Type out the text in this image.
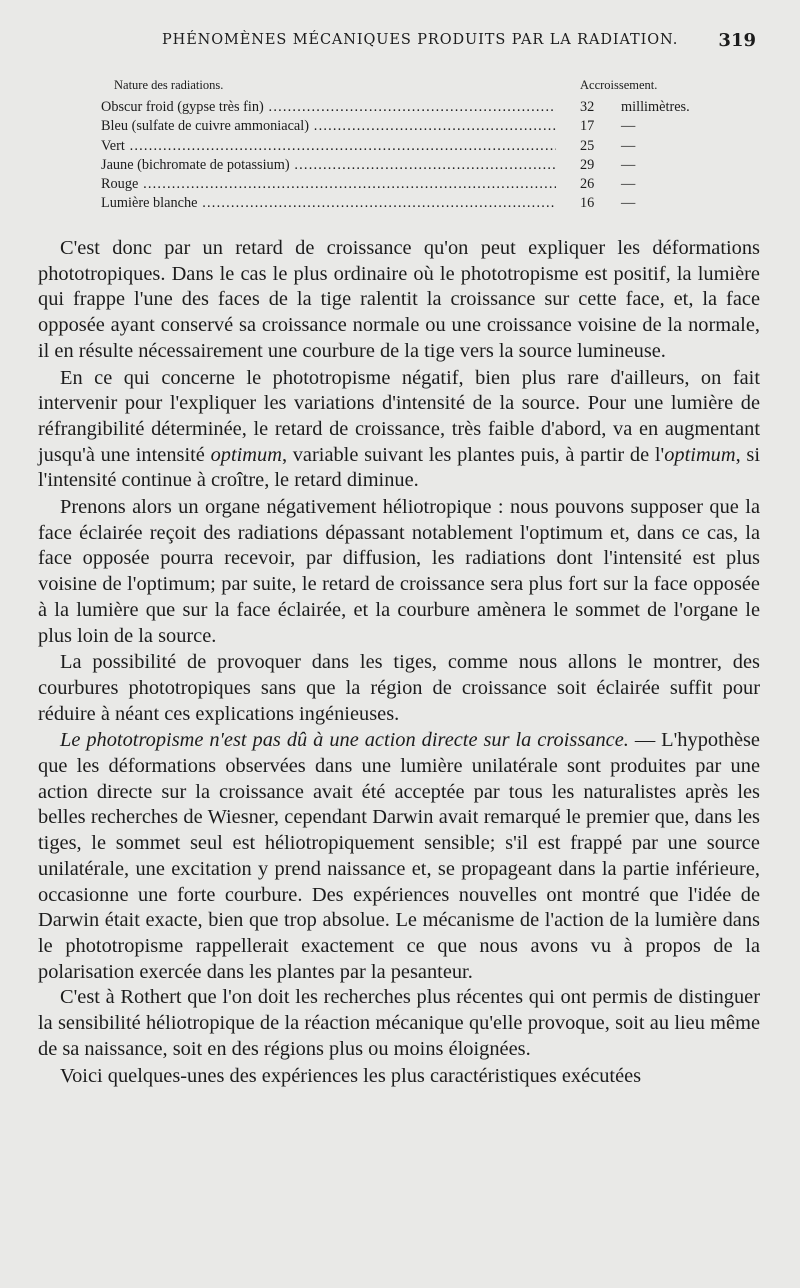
PHÉNOMÈNES MÉCANIQUES PRODUITS PAR LA RADIATION. 319
Nature des radiations.	Accroissement.
Obscur froid (gypse très fin) .....	32	millimètres.
Bleu (sulfate de cuivre ammoniacal) .....	17	—
Vert .....	25	—
Jaune (bichromate de potassium) .....	29	—
Rouge .....	26	—
Lumière blanche .....	16	—

C'est donc par un retard de croissance qu'on peut expliquer les déformations phototropiques. Dans le cas le plus ordinaire où le phototropisme est positif, la lumière qui frappe l'une des faces de la tige ralentit la croissance sur cette face, et, la face opposée ayant conservé sa croissance normale ou une croissance voisine de la normale, il en résulte nécessairement une courbure de la tige vers la source lumineuse.

En ce qui concerne le phototropisme négatif, bien plus rare d'ailleurs, on fait intervenir pour l'expliquer les variations d'intensité de la source. Pour une lumière de réfrangibilité déterminée, le retard de croissance, très faible d'abord, va en augmentant jusqu'à une intensité optimum, variable suivant les plantes puis, à partir de l'optimum, si l'intensité continue à croître, le retard diminue.

Prenons alors un organe négativement héliotropique : nous pouvons supposer que la face éclairée reçoit des radiations dépassant notablement l'optimum et, dans ce cas, la face opposée pourra recevoir, par diffusion, les radiations dont l'intensité est plus voisine de l'optimum; par suite, le retard de croissance sera plus fort sur la face opposée à la lumière que sur la face éclairée, et la courbure amènera le sommet de l'organe le plus loin de la source.

La possibilité de provoquer dans les tiges, comme nous allons le montrer, des courbures phototropiques sans que la région de croissance soit éclairée suffit pour réduire à néant ces explications ingénieuses.

Le phototropisme n'est pas dû à une action directe sur la croissance. — L'hypothèse que les déformations observées dans une lumière unilatérale sont produites par une action directe sur la croissance avait été acceptée par tous les naturalistes après les belles recherches de Wiesner, cependant Darwin avait remarqué le premier que, dans les tiges, le sommet seul est héliotropiquement sensible; s'il est frappé par une source unilatérale, une excitation y prend naissance et, se propageant dans la partie inférieure, occasionne une forte courbure. Des expériences nouvelles ont montré que l'idée de Darwin était exacte, bien que trop absolue. Le mécanisme de l'action de la lumière dans le phototropisme rappellerait exactement ce que nous avons vu à propos de la polarisation exercée dans les plantes par la pesanteur.

C'est à Rothert que l'on doit les recherches plus récentes qui ont permis de distinguer la sensibilité héliotropique de la réaction mécanique qu'elle provoque, soit au lieu même de sa naissance, soit en des régions plus ou moins éloignées.

Voici quelques-unes des expériences les plus caractéristiques exécutées
